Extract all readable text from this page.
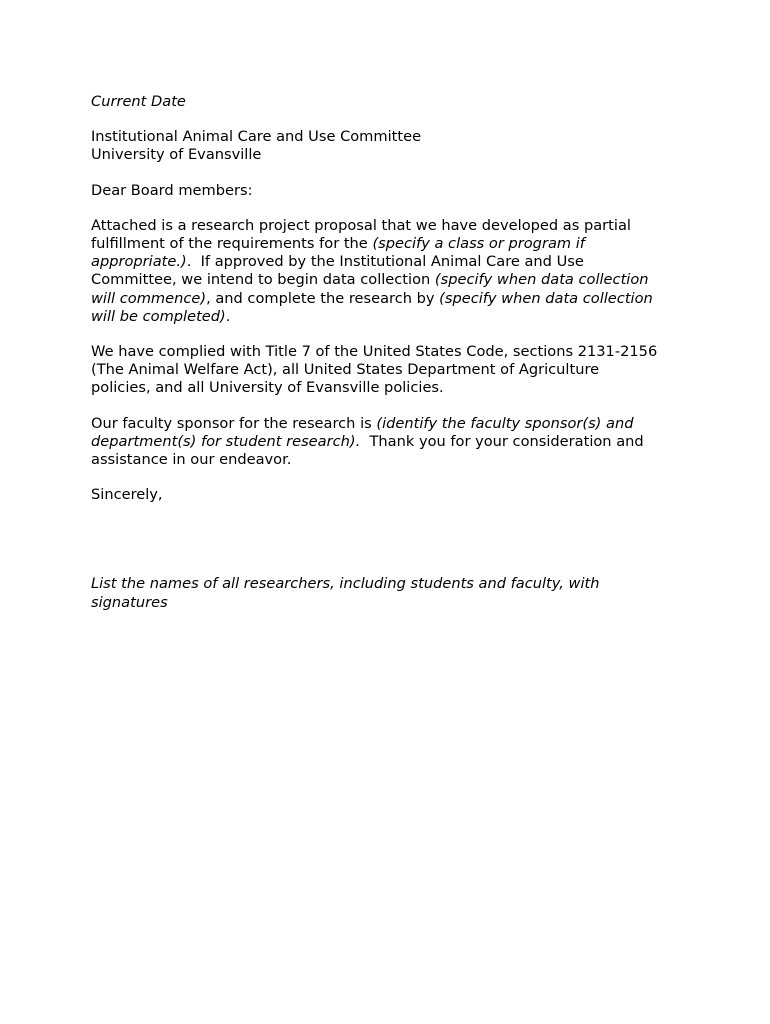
Current Date

Institutional Animal Care and Use Committee
University of Evansville

Dear Board members:

Attached is a research project proposal that we have developed as partial
fulfillment of the requirements for the (specify a class or program if
appropriate.).  If approved by the Institutional Animal Care and Use
Committee, we intend to begin data collection (specify when data collection
will commence), and complete the research by (specify when data collection
will be completed).

We have complied with Title 7 of the United States Code, sections 2131-2156
(The Animal Welfare Act), all United States Department of Agriculture
policies, and all University of Evansville policies.

Our faculty sponsor for the research is (identify the faculty sponsor(s) and
department(s) for student research).  Thank you for your consideration and
assistance in our endeavor.

Sincerely,

List the names of all researchers, including students and faculty, with
signatures
